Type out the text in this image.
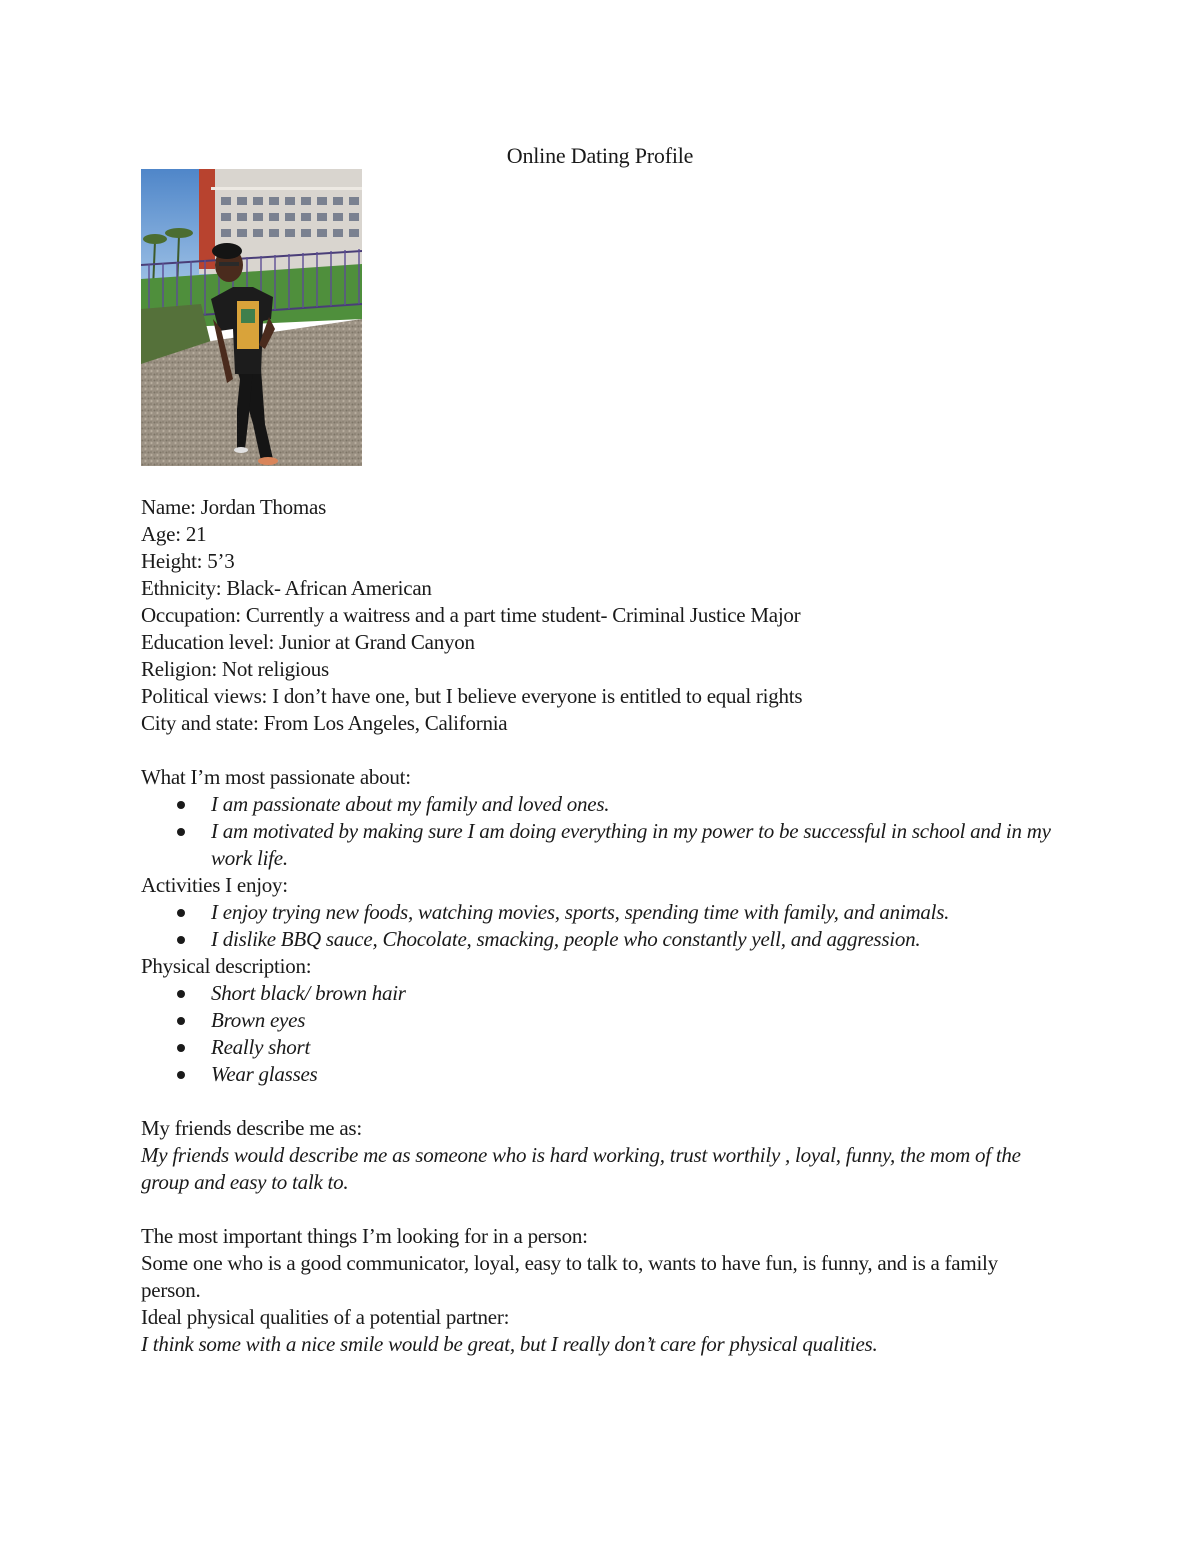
Online Dating Profile

Name: Jordan Thomas

Age: 21

Height: 5’3

Ethnicity: Black- African American

Occupation: Currently a waitress and a part time student- Criminal Justice Major

Education level: Junior at Grand Canyon

Religion: Not religious

Political views: I don’t have one, but I believe everyone is entitled to equal rights

City and state: From Los Angeles, California

What I’m most passionate about:

I am passionate about my family and loved ones.
I am motivated by making sure I am doing everything in my power to be successful in school and in my work life.

Activities I enjoy:

I enjoy trying new foods, watching movies, sports, spending time with family, and animals.
I dislike BBQ sauce, Chocolate, smacking, people who constantly yell, and aggression.

Physical description:

Short black/ brown hair
Brown eyes
Really short
Wear glasses

My friends describe me as:

My friends would describe me as someone who is hard working, trust worthily , loyal, funny, the mom of the group and easy to talk to.

The most important things I’m looking for in a person:

Some one who is a good communicator, loyal, easy to talk to, wants to have fun, is funny, and is a family person.

Ideal physical qualities of a potential partner:

I think some with a nice smile would be great, but I really don’t care for physical qualities.
